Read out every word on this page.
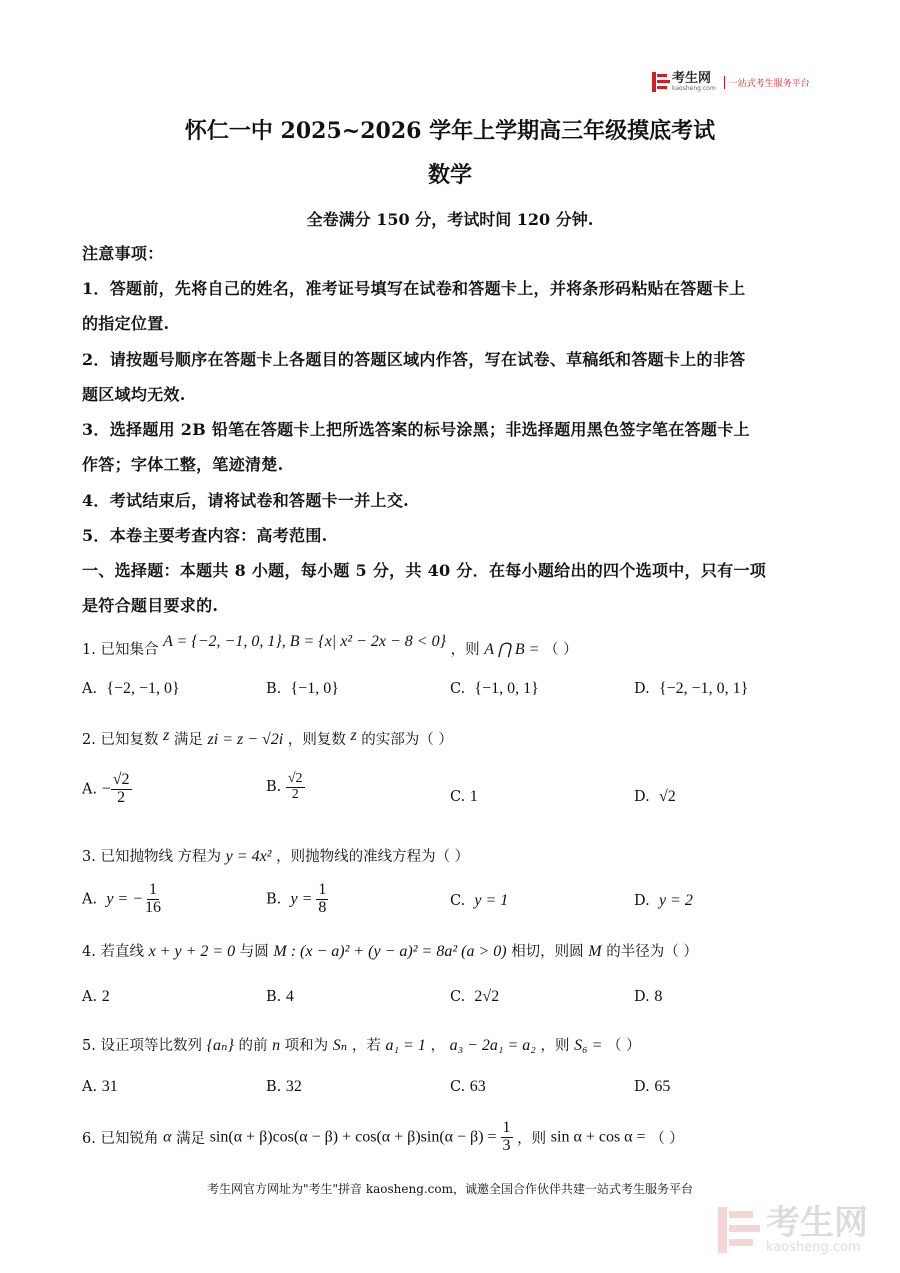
考生网
kaosheng.com	一站式考生服务平台
怀仁一中 2025~2026 学年上学期高三年级摸底考试
数学
全卷满分 150 分，考试时间 120 分钟.
注意事项：
1．答题前，先将自己的姓名，准考证号填写在试卷和答题卡上，并将条形码粘贴在答题卡上
的指定位置.
2．请按题号顺序在答题卡上各题目的答题区域内作答，写在试卷、草稿纸和答题卡上的非答
题区域均无效.
3．选择题用 2B 铅笔在答题卡上把所选答案的标号涂黑；非选择题用黑色签字笔在答题卡上
作答；字体工整，笔迹清楚.
4．考试结束后，请将试卷和答题卡一并上交.
5．本卷主要考查内容：高考范围.
一、选择题：本题共 8 小题，每小题 5 分，共 40 分．在每小题给出的四个选项中，只有一项
是符合题目要求的.
1. 已知集合 A = {−2, −1, 0, 1}, B = {x| x² − 2x − 8 < 0} ，则 A ⋂ B = （ ）
A. {−2, −1, 0}	B. {−1, 0}	C. {−1, 0, 1}	D. {−2, −1, 0, 1}
2. 已知复数 z 满足 zi = z − √2i ，则复数 z 的实部为（ ）
A. − $\frac{√2}{2}$	B. $\frac{√2}{2}$	C. 1	D. √2
3. 已知抛物线 方程为 y = 4x² ，则抛物线的准线方程为（ ）
A. y = − $\frac{1}{16}$	B. $y = \frac{1}{8}$	C. y = 1	D. y = 2
4. 若直线 x + y + 2 = 0 与圆 M : (x − a)² + (y − a)² = 8a² (a > 0) 相切，则圆 M 的半径为（ ）
A. 2	B. 4	C. 2√2	D. 8
5. 设正项等比数列 {aₙ} 的前 n 项和为 Sₙ ，若 a₁ = 1 ， a₃ − 2a₁ = a₂ ，则 S₆ = （ ）
A. 31	B. 32	C. 63	D. 65
6. 已知锐角 α 满足 $\sin(\alpha + \beta)\cos(\alpha - \beta) + \cos(\alpha + \beta)\sin(\alpha - \beta) = \frac{1}{3}$ ，则 sin α + cos α = （ ）
考生网官方网址为"考生"拼音 kaosheng.com，诚邀全国合作伙伴共建一站式考生服务平台
考生网
kaosheng.com
